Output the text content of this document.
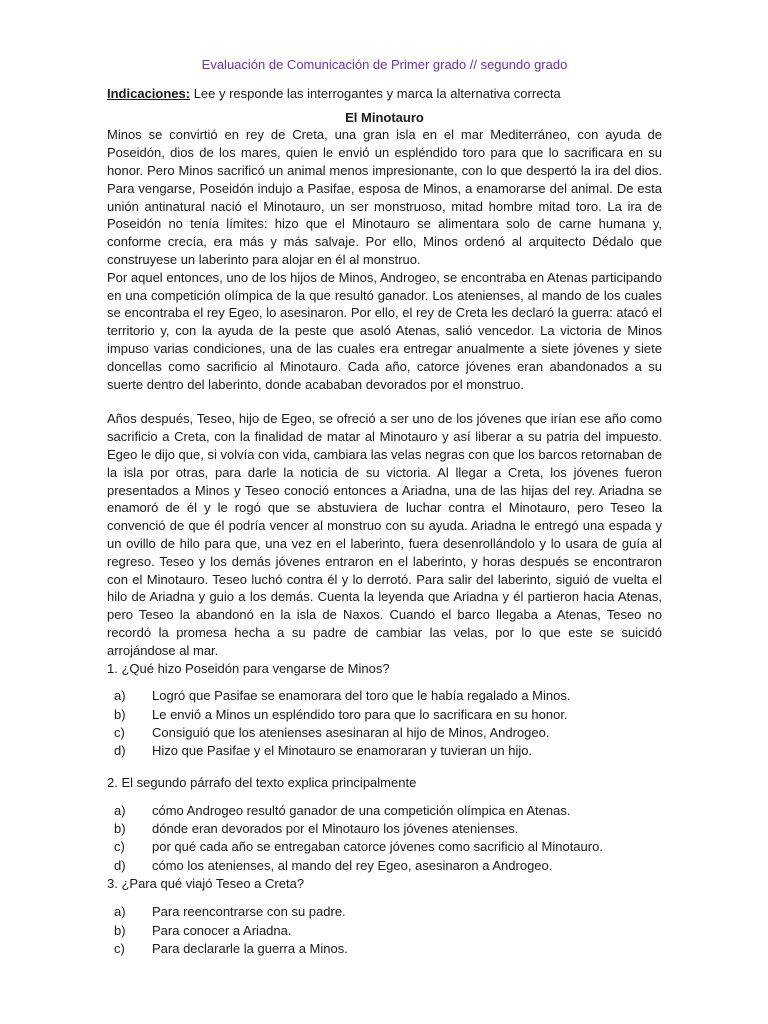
Evaluación de Comunicación de Primer grado // segundo grado

Indicaciones: Lee y responde las interrogantes y marca la alternativa correcta

El Minotauro

Minos se convirtió en rey de Creta, una gran isla en el mar Mediterráneo, con ayuda de Poseidón, dios de los mares, quien le envió un espléndido toro para que lo sacrificara en su honor. Pero Minos sacrificó un animal menos impresionante, con lo que despertó la ira del dios. Para vengarse, Poseidón indujo a Pasifae, esposa de Minos, a enamorarse del animal. De esta unión antinatural nació el Minotauro, un ser monstruoso, mitad hombre mitad toro. La ira de Poseidón no tenía límites: hizo que el Minotauro se alimentara solo de carne humana y, conforme crecía, era más y más salvaje. Por ello, Minos ordenó al arquitecto Dédalo que construyese un laberinto para alojar en él al monstruo.

Por aquel entonces, uno de los hijos de Minos, Androgeo, se encontraba en Atenas participando en una competición olímpica de la que resultó ganador. Los atenienses, al mando de los cuales se encontraba el rey Egeo, lo asesinaron. Por ello, el rey de Creta les declaró la guerra: atacó el territorio y, con la ayuda de la peste que asoló Atenas, salió vencedor. La victoria de Minos impuso varias condiciones, una de las cuales era entregar anualmente a siete jóvenes y siete doncellas como sacrificio al Minotauro. Cada año, catorce jóvenes eran abandonados a su suerte dentro del laberinto, donde acababan devorados por el monstruo.

Años después, Teseo, hijo de Egeo, se ofreció a ser uno de los jóvenes que irían ese año como sacrificio a Creta, con la finalidad de matar al Minotauro y así liberar a su patria del impuesto. Egeo le dijo que, si volvía con vida, cambiara las velas negras con que los barcos retornaban de la isla por otras, para darle la noticia de su victoria. Al llegar a Creta, los jóvenes fueron presentados a Minos y Teseo conoció entonces a Ariadna, una de las hijas del rey. Ariadna se enamoró de él y le rogó que se abstuviera de luchar contra el Minotauro, pero Teseo la convenció de que él podría vencer al monstruo con su ayuda. Ariadna le entregó una espada y un ovillo de hilo para que, una vez en el laberinto, fuera desenrollándolo y lo usara de guía al regreso. Teseo y los demás jóvenes entraron en el laberinto, y horas después se encontraron con el Minotauro. Teseo luchó contra él y lo derrotó. Para salir del laberinto, siguió de vuelta el hilo de Ariadna y guio a los demás. Cuenta la leyenda que Ariadna y él partieron hacia Atenas, pero Teseo la abandonó en la isla de Naxos. Cuando el barco llegaba a Atenas, Teseo no recordó la promesa hecha a su padre de cambiar las velas, por lo que este se suicidó arrojándose al mar.

1. ¿Qué hizo Poseidón para vengarse de Minos?

a)	Logró que Pasifae se enamorara del toro que le había regalado a Minos.
b)	Le envió a Minos un espléndido toro para que lo sacrificara en su honor.
c)	Consiguió que los atenienses asesinaran al hijo de Minos, Androgeo.
d)	Hizo que Pasifae y el Minotauro se enamoraran y tuvieran un hijo.

2. El segundo párrafo del texto explica principalmente

a)	cómo Androgeo resultó ganador de una competición olímpica en Atenas.
b)	dónde eran devorados por el Minotauro los jóvenes atenienses.
c)	por qué cada año se entregaban catorce jóvenes como sacrificio al Minotauro.
d)	cómo los atenienses, al mando del rey Egeo, asesinaron a Androgeo.

3. ¿Para qué viajó Teseo a Creta?

a)	Para reencontrarse con su padre.
b)	Para conocer a Ariadna.
c)	Para declararle la guerra a Minos.
